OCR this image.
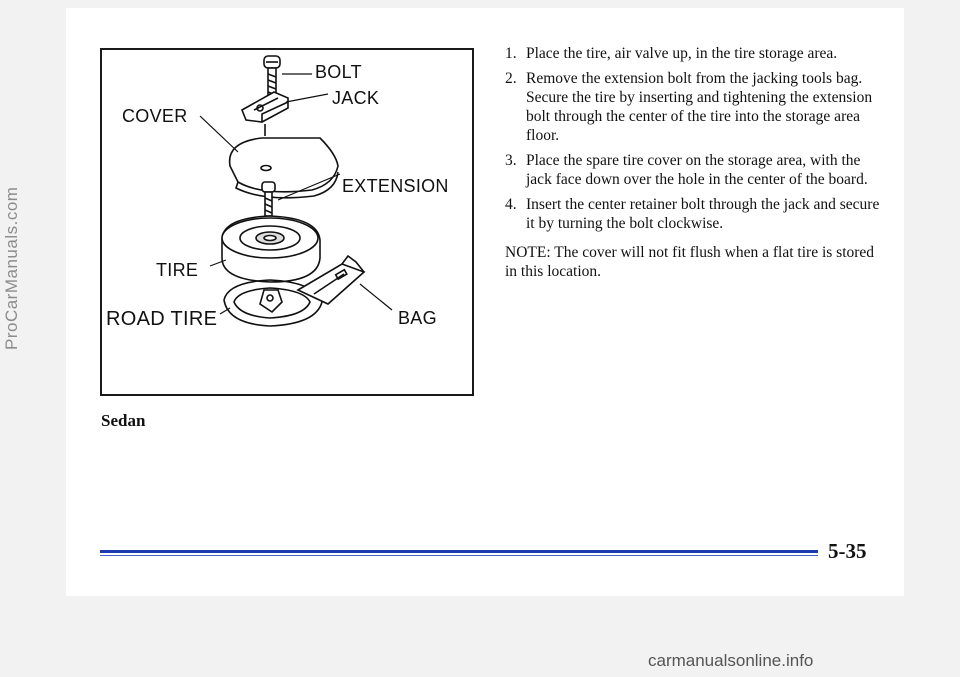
BOLT
JACK
COVER
EXTENSION
TIRE
ROAD TIRE	BAG
Sedan
1. Place the tire, air valve up, in the tire storage area.
2. Remove the extension bolt from the jacking tools bag. Secure the tire by inserting and tightening the extension bolt through the center of the tire into the storage area floor.
3. Place the spare tire cover on the storage area, with the jack face down over the hole in the center of the board.
4. Insert the center retainer bolt through the jack and secure it by turning the bolt clockwise.

NOTE: The cover will not fit flush when a flat tire is stored in this location.

5-35
ProCarManuals.com
carmanualsonline.info
